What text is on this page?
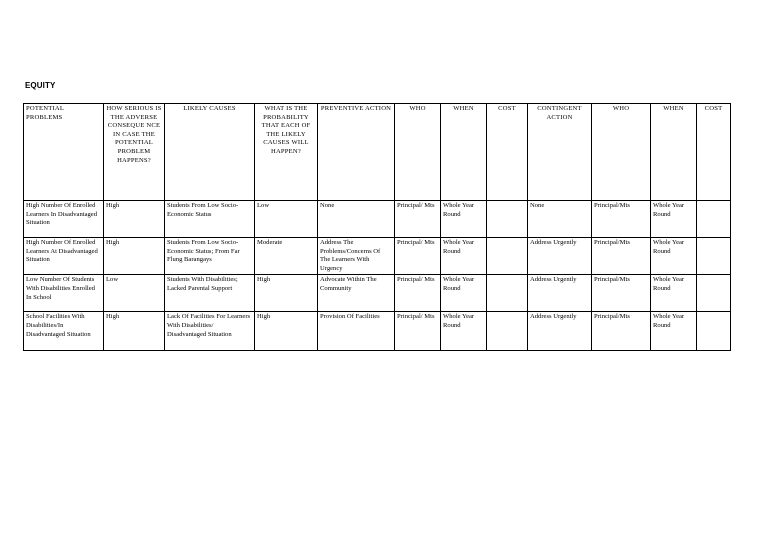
EQUITY
POTENTIAL PROBLEMS	HOW SERIOUS IS THE ADVERSE CONSEQUE NCE IN CASE THE POTENTIAL PROBLEM HAPPENS?	LIKELY CAUSES	WHAT IS THE PROBABILITY THAT EACH OF THE LIKELY CAUSES WILL HAPPEN?	PREVENTIVE ACTION	WHO	WHEN	COST	CONTINGENT ACTION	WHO	WHEN	COST
High Number Of Enrolled Learners In Disadvantaged Situation	High	Students From Low Socio-Economic Status	Low	None	Principal/ Mts	Whole Year Round		None	Principal/Mts	Whole Year Round	
High Number Of Enrolled Learners At Disadvantaged Situation	High	Students From Low Socio-Economic Status; From Far Flung Barangays	Moderate	Address The Problems/Concerns Of The Learners With Urgency	Principal/ Mts	Whole Year Round		Address Urgently	Principal/Mts	Whole Year Round	
Low Number Of Students With Disabilities Enrolled In School	Low	Students With Disabilities; Lacked Parental Support	High	Advocate Within The Community	Principal/ Mts	Whole Year Round		Address Urgently	Principal/Mts	Whole Year Round	
School Facilities With Disabilities/In Disadvantaged Situation	High	Lack Of Facilities For Learners With Disabilities/ Disadvantaged Situation	High	Provision Of Facilities	Principal/ Mts	Whole Year Round		Address Urgently	Principal/Mts	Whole Year Round	
